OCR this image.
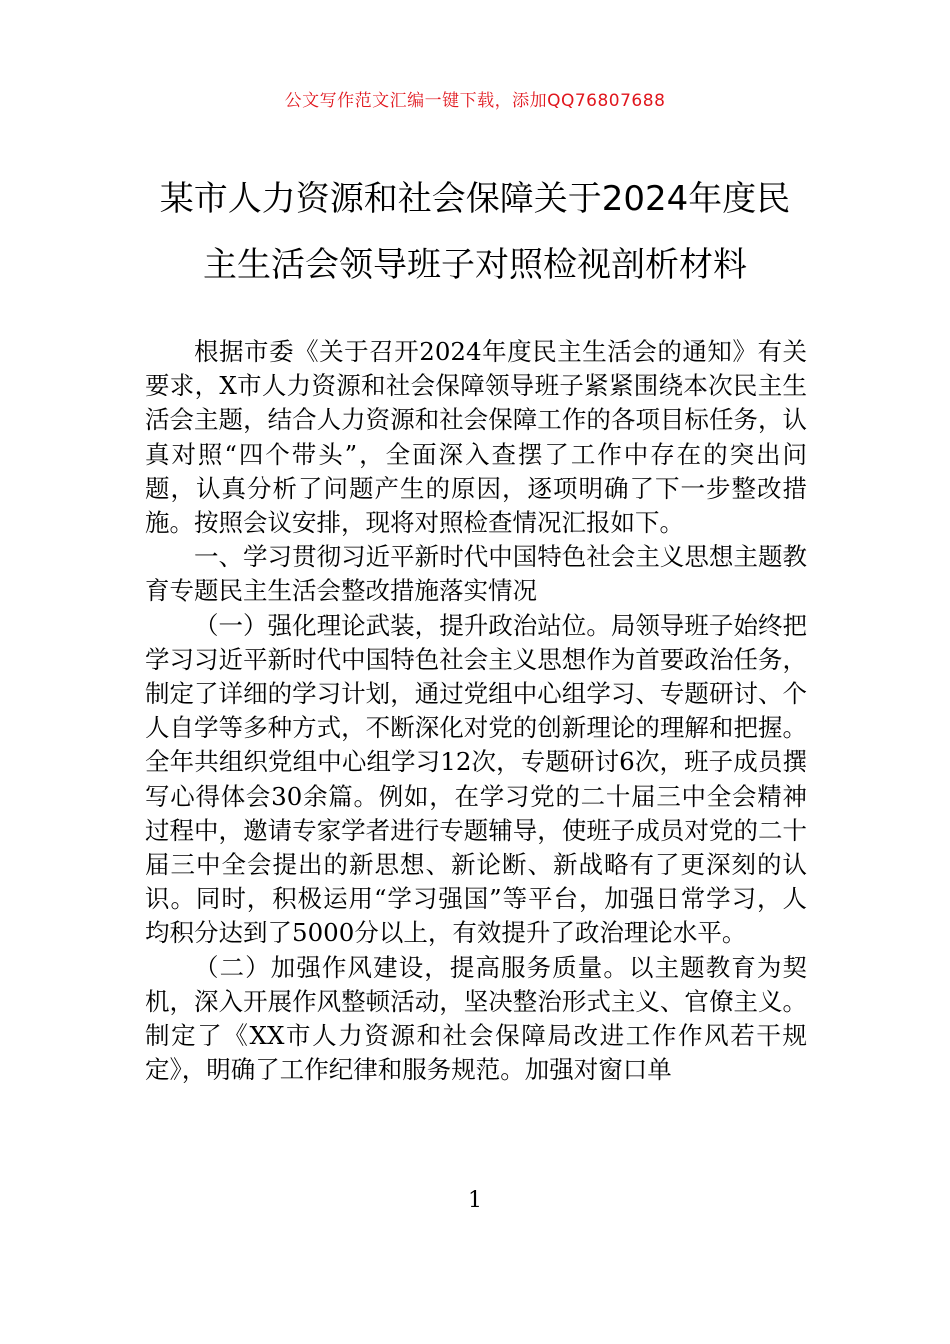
公文写作范文汇编一键下载，添加QQ76807688
某市人力资源和社会保障关于2024年度民
主生活会领导班子对照检视剖析材料

根据市委《关于召开2024年度民主生活会的通知》有关要求，X市人力资源和社会保障领导班子紧紧围绕本次民主生活会主题，结合人力资源和社会保障工作的各项目标任务，认真对照“四个带头”，全面深入查摆了工作中存在的突出问题，认真分析了问题产生的原因，逐项明确了下一步整改措施。按照会议安排，现将对照检查情况汇报如下。

一、学习贯彻习近平新时代中国特色社会主义思想主题教育专题民主生活会整改措施落实情况

（一）强化理论武装，提升政治站位。局领导班子始终把学习习近平新时代中国特色社会主义思想作为首要政治任务，制定了详细的学习计划，通过党组中心组学习、专题研讨、个人自学等多种方式，不断深化对党的创新理论的理解和把握。全年共组织党组中心组学习12次，专题研讨6次，班子成员撰写心得体会30余篇。例如，在学习党的二十届三中全会精神过程中，邀请专家学者进行专题辅导，使班子成员对党的二十届三中全会提出的新思想、新论断、新战略有了更深刻的认识。同时，积极运用“学习强国”等平台，加强日常学习，人均积分达到了5000分以上，有效提升了政治理论水平。

（二）加强作风建设，提高服务质量。以主题教育为契机，深入开展作风整顿活动，坚决整治形式主义、官僚主义。制定了《XX市人力资源和社会保障局改进工作作风若干规定》，明确了工作纪律和服务规范。加强对窗口单

1
